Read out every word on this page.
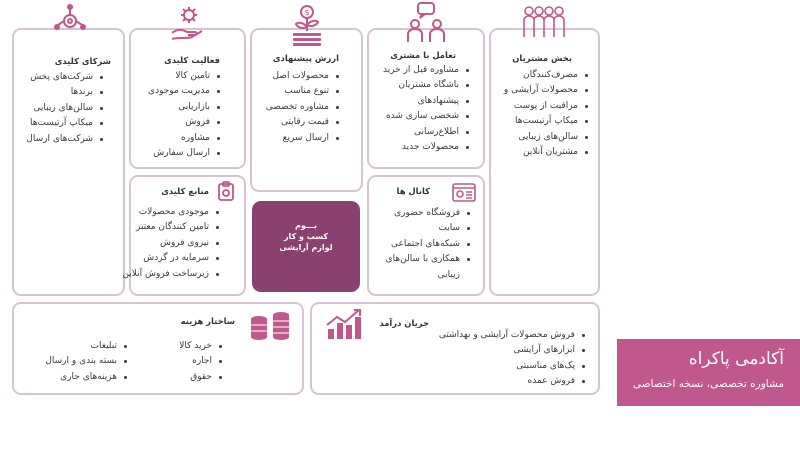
$
شرکای کلیدی
شرکت‌های پخش
برندها
سالن‌های زیبایی
میکاپ آرتیست‌ها
شرکت‌های ارسال
فعالیت کلیدی
تامین کالا
مدیریت موجودی
بازاریابی
فروش
مشاوره
ارسال سفارش
ارزش پیشنهادی
محصولات اصل
تنوع مناسب
مشاوره تخصصی
قیمت رقابتی
ارسال سریع
تعامل با مشتری
مشاوره قبل از خرید
باشگاه مشتریان
پیشنهادهای
شخصی سازی شده
اطلاع‌رسانی
محصولات جدید
بخش مشتریان
مصرف‌کنندگان
محصولات آرایشی و
مراقبت از پوست
میکاپ آرتیست‌ها
سالن‌های زیبایی
مشتریان آنلاین
منابع کلیدی
موجودی محصولات
تامین کنندگان معتبر
نیروی فروش
سرمایه در گردش
زیرساخت فروش آنلاین
بـــوم
کسب و کار
لوازم آرایشی
کانال ها
فروشگاه حضوری
سایت
شبکه‌های اجتماعی
همکاری با سالن‌های
زیبایی
ساختار هزینه
خرید کالا
اجاره
حقوق
تبلیغات
بسته بندی و ارسال
هزینه‌های جاری
جریان درآمد
فروش محصولات آرایشی و بهداشتی
ابزارهای آرایشی
پک‌های مناسبتی
فروش عمده
آکادمی پاکراه
مشاوره تخصصی، نسخه اختصاصی
